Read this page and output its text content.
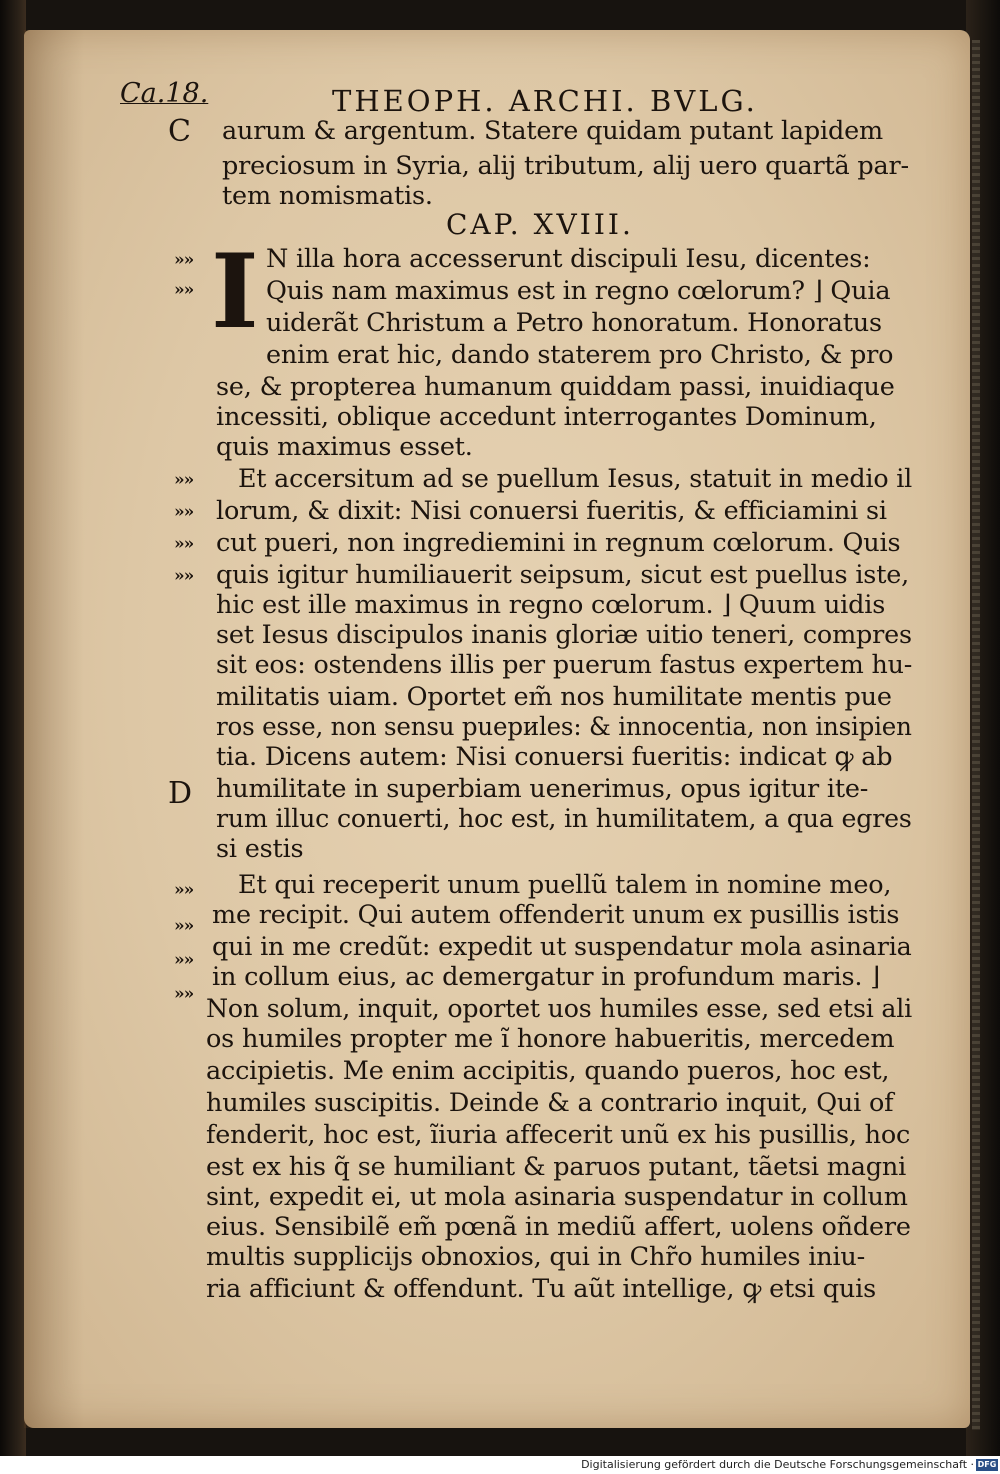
Ca.18.	THEOPH. ARCHI. BVLG.
C
D
CAP. XVIII.
I
»»
»»
»»
»»
»»
»»
»»
»»
»»
»»
aurum & argentum. Statere quidam putant lapidem
preciosum in Syria, alij tributum, alij uero quartã par-
tem nomismatis.
N illa hora accesserunt discipuli Iesu, dicentes:
Quis nam maximus est in regno cœlorum? ⌋ Quia
uiderãt Christum a Petro honoratum. Honoratus
enim erat hic, dando staterem pro Christo, & pro
se, & propterea humanum quiddam passi, inuidiaque
incessiti, oblique accedunt interrogantes Dominum,
quis maximus esset.
Et accersitum ad se puellum Iesus, statuit in medio il
lorum, & dixit: Nisi conuersi fueritis, & efficiamini si
cut pueri, non ingrediemini in regnum cœlorum. Quis
quis igitur humiliauerit seipsum, sicut est puellus iste,
hic est ille maximus in regno cœlorum. ⌋ Quum uidis
set Iesus discipulos inanis gloriæ uitio teneri, compres
sit eos: ostendens illis per puerum fastus expertem hu-
militatis uiam. Oportet em̃ nos humilitate mentis pue
ros esse, non sensu puериles: & innocentia, non insipien
tia. Dicens autem: Nisi conuersi fueritis: indicat ꝙ ab
humilitate in superbiam uenerimus, opus igitur ite-
rum illuc conuerti, hoc est, in humilitatem, a qua egres
si estis
Et qui receperit unum puellũ talem in nomine meo,
me recipit. Qui autem offenderit unum ex pusillis istis
qui in me credũt: expedit ut suspendatur mola asinaria
in collum eius, ac demergatur in profundum maris. ⌋
Non solum, inquit, oportet uos humiles esse, sed etsi ali
os humiles propter me ĩ honore habueritis, mercedem
accipietis. Me enim accipitis, quando pueros, hoc est,
humiles suscipitis. Deinde & a contrario inquit, Qui of
fenderit, hoc est, ĩiuria affecerit unũ ex his pusillis, hoc
est ex his q̃ se humiliant & paruos putant, tãetsi magni
sint, expedit ei, ut mola asinaria suspendatur in collum
eius. Sensibilẽ em̃ pœnã in mediũ affert, uolens oñdere
multis supplicijs obnoxios, qui in Chr̃o humiles iniu-
ria afficiunt & offendunt. Tu aũt intellige, ꝙ etsi quis
Digitalisierung gefördert durch die Deutsche Forschungsgemeinschaft · DFG
